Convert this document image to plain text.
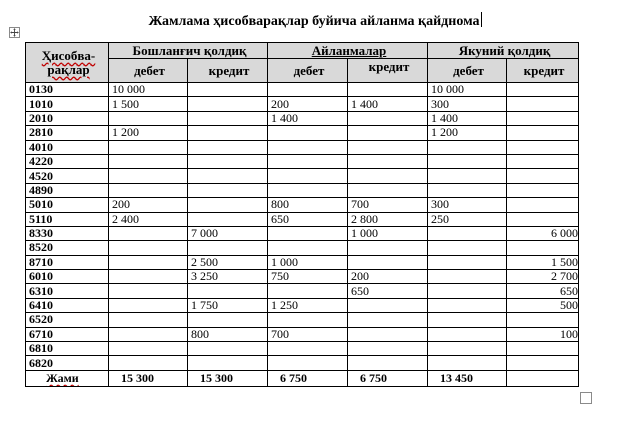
Жамлама ҳисобварақлар буйича айланма қайднома
Ҳисобва-
рақлар	Бошланғич қолдиқ		Айланмалар		Якуний қолдиқ	
	дебет	кредит	дебет	кредит	дебет	кредит
0130	10 000				10 000	
1010	1 500		200	1 400	300	
2010			1 400		1 400	
2810	1 200				1 200	
4010						
4220						
4520						
4890						
5010	200		800	700	300	
5110	2 400		650	2 800	250	
8330		7 000		1 000		6 000
8520						
8710		2 500	1 000			1 500
6010		3 250	750	200		2 700
6310				650		650
6410		1 750	1 250			500
6520						
6710		800	700			100
6810						
6820						
Жами	15 300	15 300	6 750	6 750	13 450	
